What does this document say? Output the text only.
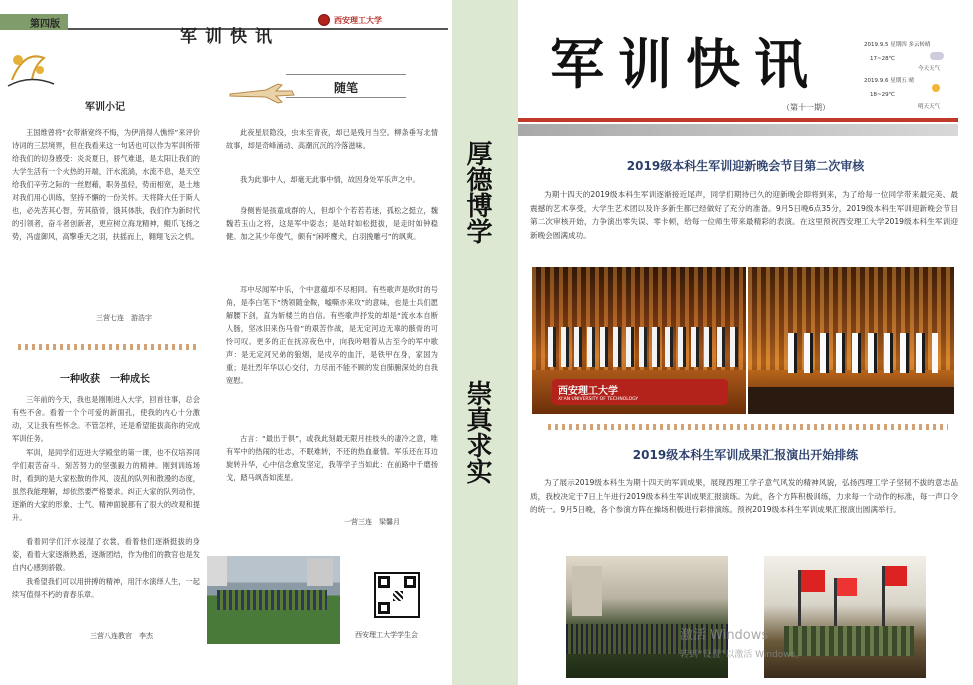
第四版
军训快讯
西安理工大学
军训小记
王国维曾将“衣带渐宽终不悔，为伊消得人憔悴”来评价诗词的三层境界，但在我看来这一句话也可以作为军训所带给我们的切身感受：炎炎夏日，骄气难退，是太阳让我们的大学生活有一个火热的开端，汗水流淌，水流不息，是天空给我们辛劳之际的一丝慰藉，职务虽轻，势而相宽，是土地对我们用心训练，坚持不懈的一份关怀。天将降大任于斯人也，必先苦其心智，劳其筋骨，饿其体肤，我们作为新时代的引领者，奋斗者创新者，更应树立海龙精神，鲲爪飞扬之势，冯虚御风，高擎垂天之羽，扶摇而上，翱翔飞云之机。
三营七连　游浩宇
一种收获　一种成长
三年前的今天，我也是刚刚进入大学，回首往事，总会有些不舍。看着一个个可爱的新面孔，使我的内心十分激动，又让我有些怀念。不管怎样，还是希望能拔高你的完成军训任务。
军训，是同学们迈进大学殿堂的第一课，也不仅培养同学们艰苦奋斗、刻苦努力的坚强毅力的精神。刚到训练场时，看到的是大家松散的作风、凌乱的队列和散漫的态度，虽然我能理解，却依然要严格要求。纠正大家的队列动作，逐渐的大家的形象、士气、精神面貌都有了很大的改观和提升。
看着同学们汗水浸湿了衣裳，看着他们逐渐挺拔的身姿，看着大家逐渐熟悉，逐渐团结，作为他们的教官也是发自内心感到骄傲。
我希望我们可以用拼搏的精神，用汗水演绎人生，一起续写值得不朽的青春乐章。
三营八连教官　李杰
随笔
此夜星辰隐没，虫未至青夜，却已是残月当空。柳条垂写北情故事，却是奇峰涌动、高潮沉沉的冷落滋味。
我为此事中人，却毫无此事中情，故因身处军乐声之中。
身侧皆是孩童成群的人，但却个个若若若迷，孤松之挺立，魏魏若玉山之将，这是军中姿态；是站时如松挺拔，是走时如钟稳健。加之其少年俊气，颇有“闲呼鹰犬，白羽挽雕弓”的飒爽。
耳中尽闻军中乐，个中意蕴却不尽相同。有些歌声是吹时的号角，是李白笔下“绣领随金鞍，嘘嘶亦来攻”的意味，也是士兵们愿解腰下剑，直为斩楼兰的自信。有些歌声抒发的却是“流水本自断人肠，坚冰旧来伤马骨”的艰苦作战，是无定河边无辜的骸骨的可怜可叹。更多的正在抚凉夜色中，向我吟唱着从古至今的军中歌声：是无定河兄弟的狼烟，是戍卒的血汗，是铁甲在身，家国为重；是壮烈年华以心交付，力尽而不能不顾的发自肺腑深处的自我宽慰。
古言：“最出于俱”，或我此刻最无限月挂枝头的凄冷之意，唯有军中的热闹的壮志，不眠难转，不还的热血豪情。军乐还在耳边旋转升华，心中信念愈发坚定，我等学子当如此：在前路中千磨扬戈，踏马飒沓如流星。
一营三连　梁馨月
西安理工大学学生会
厚德博学
崇真求实
军训快讯
（第十一期）
2019.9.5 星期四 多云转晴
17~28℃
今天天气
2019.9.6 星期五 晴
18~29℃
明天天气
2019级本科生军训迎新晚会节目第二次审核
为期十四天的2019级本科生军训逐渐接近尾声，同学们期待已久的迎新晚会即将到来，为了给每一位同学带来最完美、最震撼的艺术享受，大学生艺术团以及许多新生都已经做好了充分的准备。9月5日晚6点35分，2019级本科生军训迎新晚会节目第二次审核开始，力争演出零失误、零卡顿，给每一位师生带来最精彩的表演。在这里预祝西安理工大学2019级本科生军训迎新晚会圆满成功。
西安理工大学
XI'AN UNIVERSITY OF TECHNOLOGY
2019级本科生军训成果汇报演出开始排练
为了展示2019级本科生为期十四天的军训成果，展现西理工学子意气风发的精神风貌，弘扬西理工学子坚韧不拔的意志品质，我校决定于7日上午进行2019级本科生军训成果汇报演练。为此，各个方阵积极训练，力求每一个动作的标准，每一声口令的统一。9月5日晚，各个参演方阵在操场积极进行彩排演练。预祝2019级本科生军训成果汇报演出圆满举行。
激活 Windows
转到“设置”以激活 Windows。
